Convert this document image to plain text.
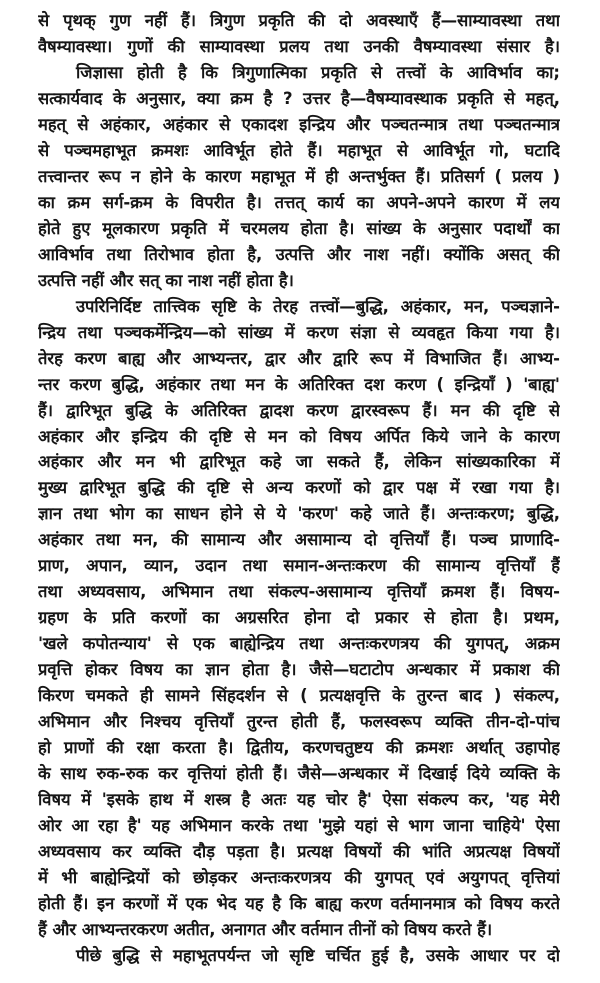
से पृथक् गुण नहीं हैं। त्रिगुण प्रकृति की दो अवस्थाएँ हैं—साम्यावस्था तथा
वैषम्यावस्था। गुणों की साम्यावस्था प्रलय तथा उनकी वैषम्यावस्था संसार है।
जिज्ञासा होती है कि त्रिगुणात्मिका प्रकृति से तत्त्वों के आविर्भाव का;
सत्कार्यवाद के अनुसार, क्या क्रम है ? उत्तर है—वैषम्यावस्थाक प्रकृति से महत्,
महत् से अहंकार, अहंकार से एकादश इन्द्रिय और पञ्चतन्मात्र तथा पञ्चतन्मात्र
से पञ्चमहाभूत क्रमशः आविर्भूत होते हैं। महाभूत से आविर्भूत गो, घटादि
तत्त्वान्तर रूप न होने के कारण महाभूत में ही अन्तर्भुक्त हैं। प्रतिसर्ग ( प्रलय )
का क्रम सर्ग-क्रम के विपरीत है। तत्तत् कार्य का अपने-अपने कारण में लय
होते हुए मूलकारण प्रकृति में चरमलय होता है। सांख्य के अनुसार पदार्थों का
आविर्भाव तथा तिरोभाव होता है, उत्पत्ति और नाश नहीं। क्योंकि असत् की
उत्पत्ति नहीं और सत् का नाश नहीं होता है।
उपरिनिर्दिष्ट तात्त्विक सृष्टि के तेरह तत्त्वों—बुद्धि, अहंकार, मन, पञ्चज्ञाने-
न्द्रिय तथा पञ्चकर्मेन्द्रिय—को सांख्य में करण संज्ञा से व्यवहृत किया गया है।
तेरह करण बाह्य और आभ्यन्तर, द्वार और द्वारि रूप में विभाजित हैं। आभ्य-
न्तर करण बुद्धि, अहंकार तथा मन के अतिरिक्त दश करण ( इन्द्रियाँ ) 'बाह्य'
हैं। द्वारिभूत बुद्धि के अतिरिक्त द्वादश करण द्वारस्वरूप हैं। मन की दृष्टि से
अहंकार और इन्द्रिय की दृष्टि से मन को विषय अर्पित किये जाने के कारण
अहंकार और मन भी द्वारिभूत कहे जा सकते हैं, लेकिन सांख्यकारिका में
मुख्य द्वारिभूत बुद्धि की दृष्टि से अन्य करणों को द्वार पक्ष में रखा गया है।
ज्ञान तथा भोग का साधन होने से ये 'करण' कहे जाते हैं। अन्तःकरण; बुद्धि,
अहंकार तथा मन, की सामान्य और असामान्य दो वृत्तियाँ हैं। पञ्च प्राणादि-
प्राण, अपान, व्यान, उदान तथा समान-अन्तःकरण की सामान्य वृत्तियाँ हैं
तथा अध्यवसाय, अभिमान तथा संकल्प-असामान्य वृत्तियाँ क्रमश हैं। विषय-
ग्रहण के प्रति करणों का अग्रसरित होना दो प्रकार से होता है। प्रथम,
'खले कपोतन्याय' से एक बाह्येन्द्रिय तथा अन्तःकरणत्रय की युगपत्, अक्रम
प्रवृत्ति होकर विषय का ज्ञान होता है। जैसे—घटाटोप अन्धकार में प्रकाश की
किरण चमकते ही सामने सिंहदर्शन से ( प्रत्यक्षवृत्ति के तुरन्त बाद ) संकल्प,
अभिमान और निश्चय वृत्तियाँ तुरन्त होती हैं, फलस्वरूप व्यक्ति तीन-दो-पांच
हो प्राणों की रक्षा करता है। द्वितीय, करणचतुष्टय की क्रमशः अर्थात् उहापोह
के साथ रुक-रुक कर वृत्तियां होती हैं। जैसे—अन्धकार में दिखाई दिये व्यक्ति के
विषय में 'इसके हाथ में शस्त्र है अतः यह चोर है' ऐसा संकल्प कर, 'यह मेरी
ओर आ रहा है' यह अभिमान करके तथा 'मुझे यहां से भाग जाना चाहिये' ऐसा
अध्यवसाय कर व्यक्ति दौड़ पड़ता है। प्रत्यक्ष विषयों की भांति अप्रत्यक्ष विषयों
में भी बाह्येन्द्रियों को छोड़कर अन्तःकरणत्रय की युगपत् एवं अयुगपत् वृत्तियां
होती हैं। इन करणों में एक भेद यह है कि बाह्य करण वर्तमानमात्र को विषय करते
हैं और आभ्यन्तरकरण अतीत, अनागत और वर्तमान तीनों को विषय करते हैं।
पीछे बुद्धि से महाभूतपर्यन्त जो सृष्टि चर्चित हुई है, उसके आधार पर दो
